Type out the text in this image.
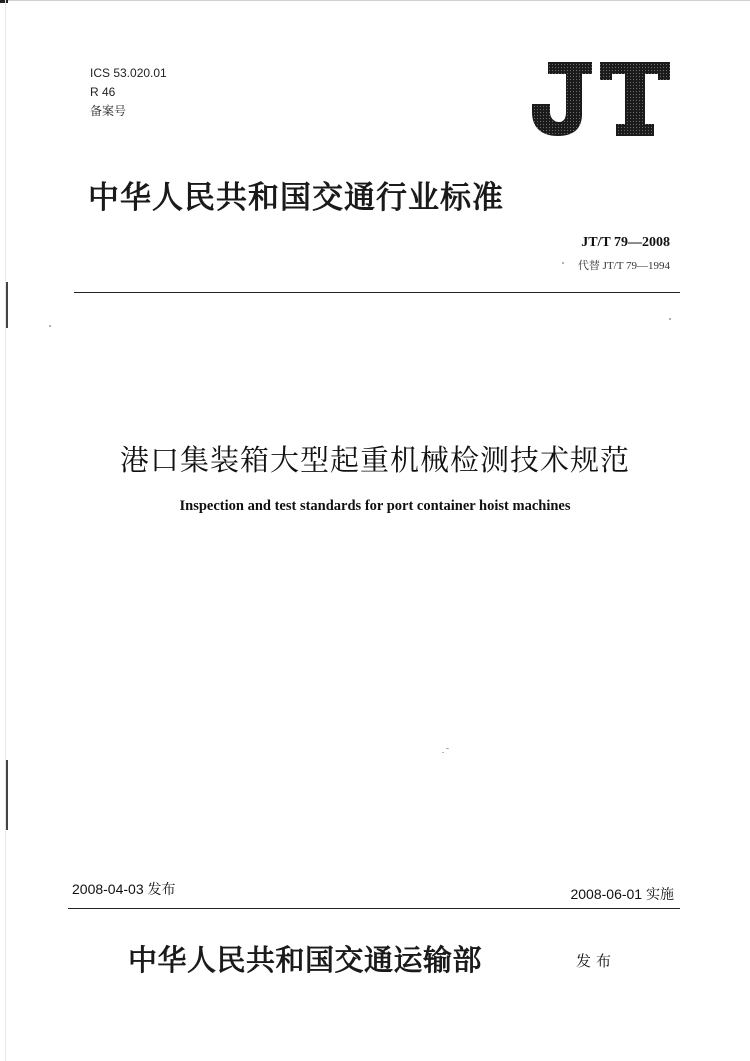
ICS 53.020.01
R 46
备案号
中华人民共和国交通行业标准
JT/T 79—2008
代替 JT/T 79—1994
港口集装箱大型起重机械检测技术规范
Inspection and test standards for port container hoist machines
2008-04-03 发布	2008-06-01 实施
中华人民共和国交通运输部	发布
